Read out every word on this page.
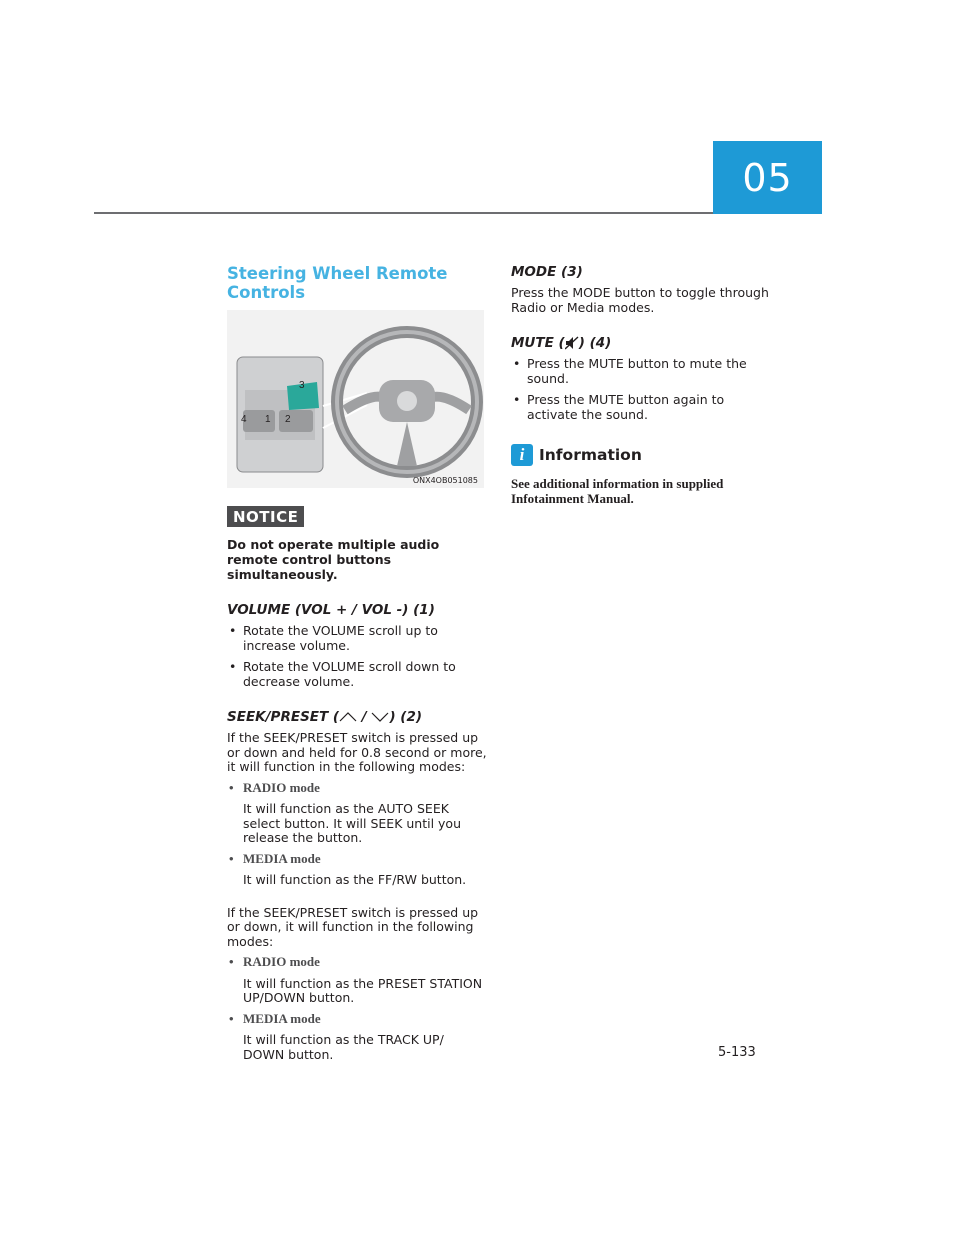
05
Steering Wheel Remote Controls
3
4 1 2
ONX4OB051085
NOTICE
Do not operate multiple audio remote control buttons simultaneously.
VOLUME (VOL + / VOL -) (1)
• Rotate the VOLUME scroll up to increase volume.
• Rotate the VOLUME scroll down to decrease volume.
SEEK/PRESET ( / ) (2)

If the SEEK/PRESET switch is pressed up or down and held for 0.8 second or more, it will function in the following modes:

• RADIO mode

It will function as the AUTO SEEK select button. It will SEEK until you release the button.

• MEDIA mode

It will function as the FF/RW button.

If the SEEK/PRESET switch is pressed up or down, it will function in the following modes:

• RADIO mode

It will function as the PRESET STATION UP/DOWN button.

• MEDIA mode

It will function as the TRACK UP/ DOWN button.

MODE (3)

Press the MODE button to toggle through Radio or Media modes.

MUTE ( ) (4)
• Press the MUTE button to mute the sound.
• Press the MUTE button again to activate the sound.
i Information
See additional information in supplied Infotainment Manual.
5-133
